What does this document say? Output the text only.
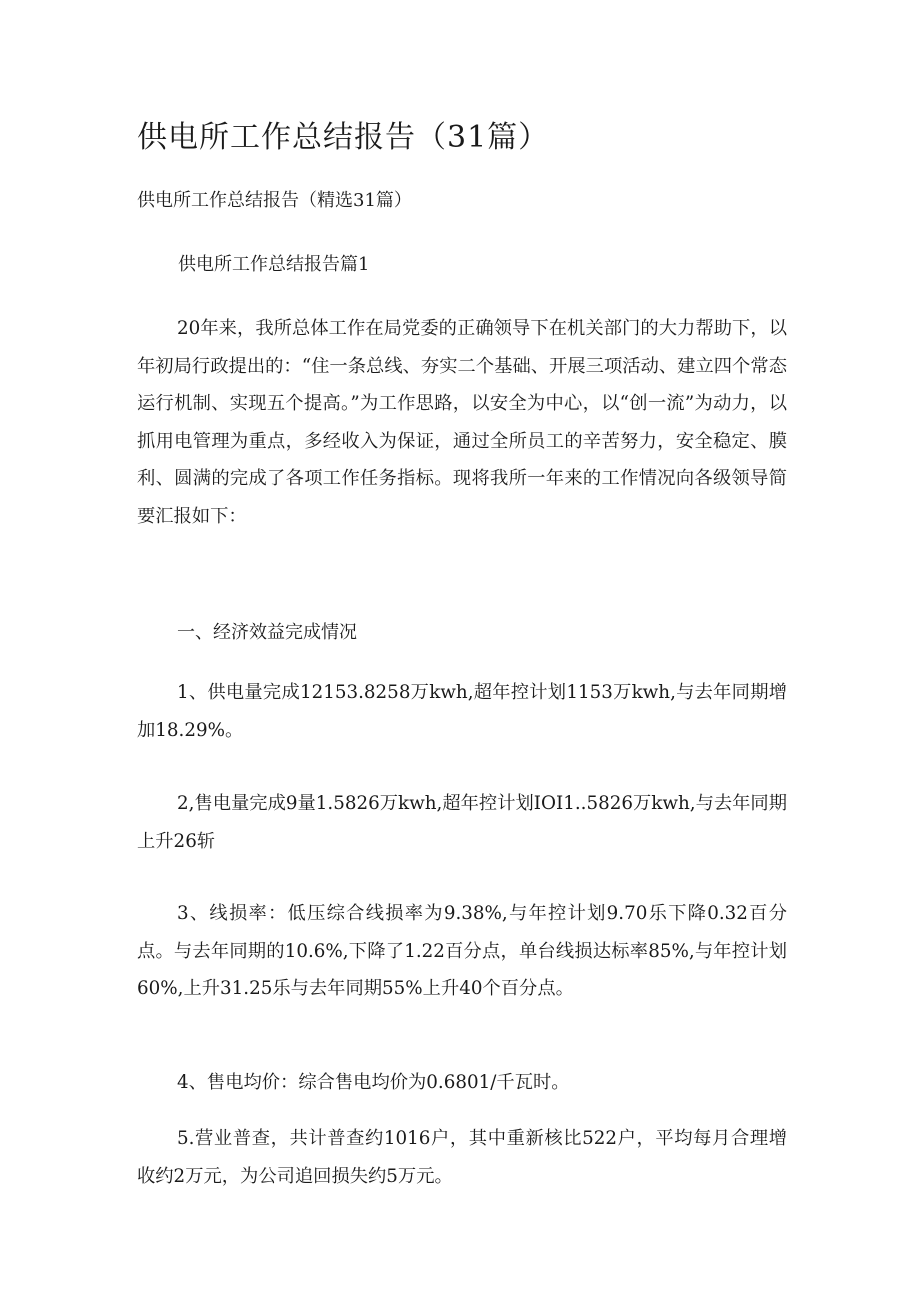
供电所工作总结报告（31篇）

供电所工作总结报告（精选31篇）

供电所工作总结报告篇1

20年来，我所总体工作在局党委的正确领导下在机关部门的大力帮助下，以年初局行政提出的：“住一条总线、夯实二个基础、开展三项活动、建立四个常态运行机制、实现五个提高。”为工作思路，以安全为中心，以“创一流”为动力，以抓用电管理为重点，多经收入为保证，通过全所员工的辛苦努力，安全稳定、膜利、圆满的完成了各项工作任务指标。现将我所一年来的工作情况向各级领导简要汇报如下：

一、经济效益完成情况

1、供电量完成12153.8258万kwh,超年控计划1153万kwh,与去年同期增加18.29%。

2,售电量完成9量1.5826万kwh,超年控计划IOI1..5826万kwh,与去年同期上升26斩

3、线损率：低压综合线损率为9.38%,与年控计划9.70乐下降0.32百分点。与去年同期的10.6%,下降了1.22百分点，单台线损达标率85%,与年控计划60%,上升31.25乐与去年同期55%上升40个百分点。

4、售电均价：综合售电均价为0.6801/千瓦时。

5.营业普查，共计普查约1016户，其中重新核比522户，平均每月合理增收约2万元，为公司追回损失约5万元。
